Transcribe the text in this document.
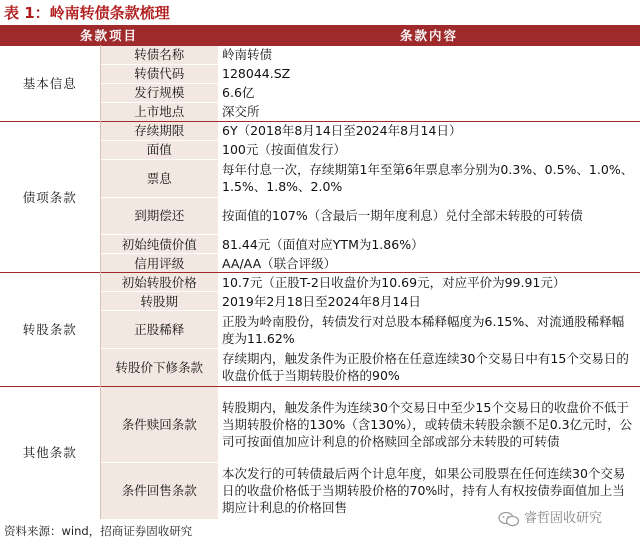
表 1：岭南转债条款梳理
条款项目		条款内容
基本信息	转债名称	岭南转债
	转债代码	128044.SZ
	发行规模	6.6亿
	上市地点	深交所
债项条款	存续期限	6Y（2018年8月14日至2024年8月14日）
	面值	100元（按面值发行）
	票息	每年付息一次，存续期第1年至第6年票息率分别为0.3%、0.5%、1.0%、1.5%、1.8%、2.0%
	到期偿还	按面值的107%（含最后一期年度利息）兑付全部未转股的可转债
	初始纯债价值	81.44元（面值对应YTM为1.86%）
	信用评级	AA/AA（联合评级）
转股条款	初始转股价格	10.7元（正股T-2日收盘价为10.69元，对应平价为99.91元）
	转股期	2019年2月18日至2024年8月14日
	正股稀释	正股为岭南股份，转债发行对总股本稀释幅度为6.15%、对流通股稀释幅度为11.62%
	转股价下修条款	存续期内，触发条件为正股价格在任意连续30个交易日中有15个交易日的收盘价低于当期转股价格的90%
其他条款	条件赎回条款	转股期内，触发条件为连续30个交易日中至少15个交易日的收盘价不低于当期转股价格的130%（含130%），或转债未转股余额不足0.3亿元时，公司可按面值加应计利息的价格赎回全部或部分未转股的可转债
	条件回售条款	本次发行的可转债最后两个计息年度，如果公司股票在任何连续30个交易日的收盘价格低于当期转股价格的70%时，持有人有权按债券面值加上当期应计利息的价格回售
资料来源：wind，招商证券固收研究
睿哲固收研究
